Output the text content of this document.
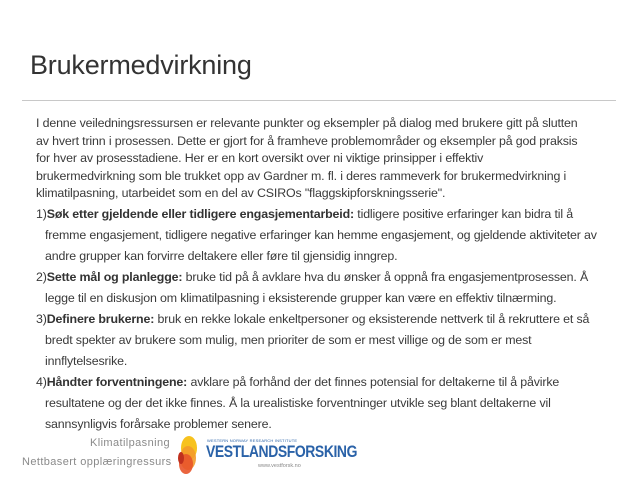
Brukermedvirkning
I denne veiledningsressursen er relevante punkter og eksempler på dialog med brukere gitt på slutten
av hvert trinn i prosessen. Dette er gjort for å framheve problemområder og eksempler på god praksis
for hver av prosesstadiene. Her er en kort oversikt over ni viktige prinsipper i effektiv
brukermedvirkning som ble trukket opp av Gardner m. fl. i deres rammeverk for brukermedvirkning i
klimatilpasning, utarbeidet som en del av CSIROs "flaggskipforskningsserie".
1)Søk etter gjeldende eller tidligere engasjementarbeid: tidligere positive erfaringer kan bidra til å fremme engasjement, tidligere negative erfaringer kan hemme engasjement, og gjeldende aktiviteter av andre grupper kan forvirre deltakere eller føre til gjensidig inngrep.
2)Sette mål og planlegge: bruke tid på å avklare hva du ønsker å oppnå fra engasjementprosessen. Å legge til en diskusjon om klimatilpasning i eksisterende grupper kan være en effektiv tilnærming.
3)Definere brukerne: bruk en rekke lokale enkeltpersoner og eksisterende nettverk til å rekruttere et så bredt spekter av brukere som mulig, men prioriter de som er mest villige og de som er mest innflytelsesrike.
4)Håndter forventningene: avklare på forhånd der det finnes potensial for deltakerne til å påvirke resultatene og der det ikke finnes. Å la urealistiske forventninger utvikle seg blant deltakerne vil sannsynligvis forårsake problemer senere.
Klimatilpasning
Nettbasert opplæringressurs
WESTERN NORWAY RESEARCH INSTITUTE
VESTLANDSFORSKING
www.vestforsk.no
